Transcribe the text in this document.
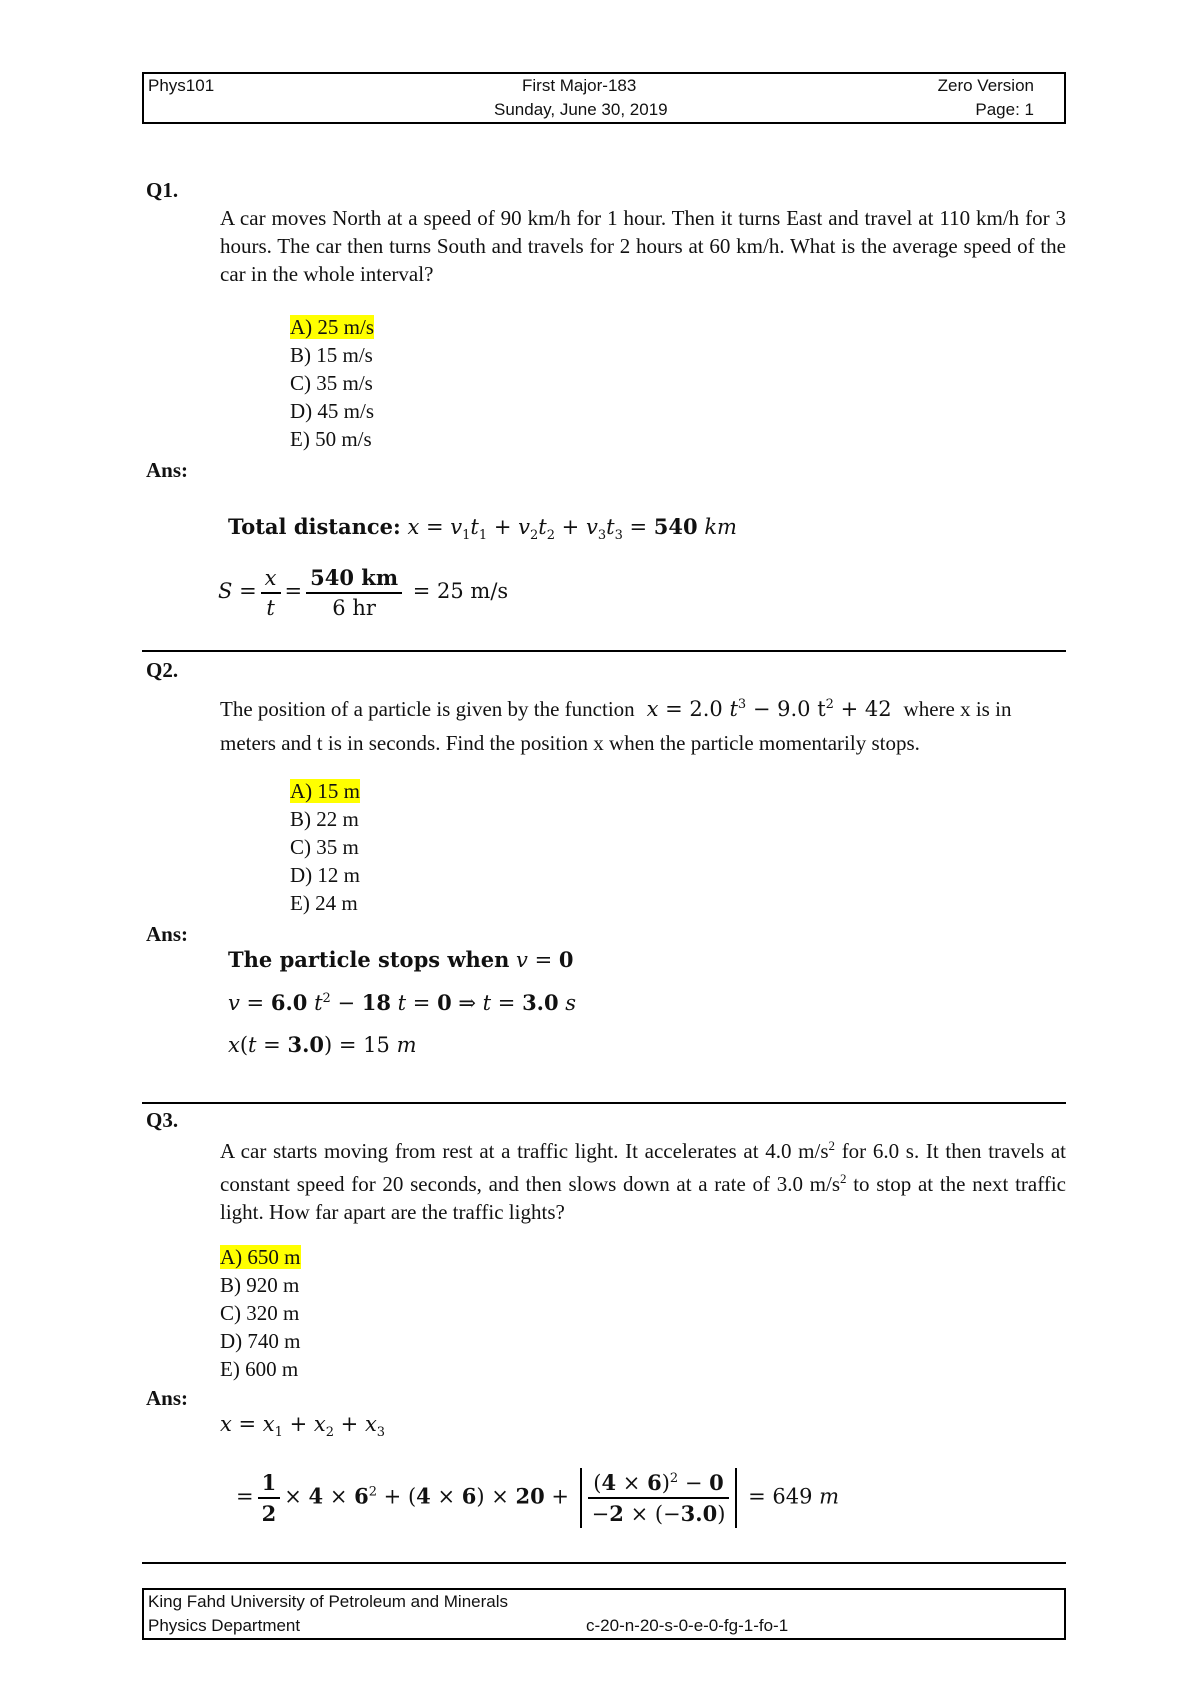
Phys101	First Major-183	Zero Version
Sunday, June 30, 2019	Page: 1
Q1.
A car moves North at a speed of 90 km/h for 1 hour. Then it turns East and travel at 110 km/h for 3 hours. The car then turns South and travels for 2 hours at 60 km/h. What is the average speed of the car in the whole interval?
A) 25 m/s
B) 15 m/s
C) 35 m/s
D) 45 m/s
E) 50 m/s
Ans:
Total distance: $x = v_1t_1 + v_2t_2 + v_3t_3 = 540$ km
$S = \frac{x}{t} = \frac{540 km}{6 hr} = 25$ m/s
Q2.
The position of a particle is given by the function x = 2.0 $t^3 - 9.0$ $t^2 + 42$  where x is in meters and t is in seconds. Find the position x when the particle momentarily stops.
A) 15 m
B) 22 m
C) 35 m
D) 12 m
E) 24 m
Ans:
The particle stops when v = 0
v = 6.0 $t^2 - 18$ t = 0 ⇒ t = 3.0 s
x(t = 3.0) = 15 m
Q3.
A car starts moving from rest at a traffic light. It accelerates at 4.0 $m/s^2$ for 6.0 s. It then travels at constant speed for 20 seconds, and then slows down at a rate of 3.0 $m/s^2$ to stop at the next traffic light. How far apart are the traffic lights?
A) 650 m
B) 920 m
C) 320 m
D) 740 m
E) 600 m
Ans:
$x = x_1 + x_2 + x_3$
= $\frac{1}{2} \times 4 \times 6^2 + (4 \times 6) \times 20 + \frac{(4 \times 6)^2 - 0}{-2 \times (-3.0)} = 649$ m
King Fahd University of Petroleum and Minerals
Physics Department	c-20-n-20-s-0-e-0-fg-1-fo-1
